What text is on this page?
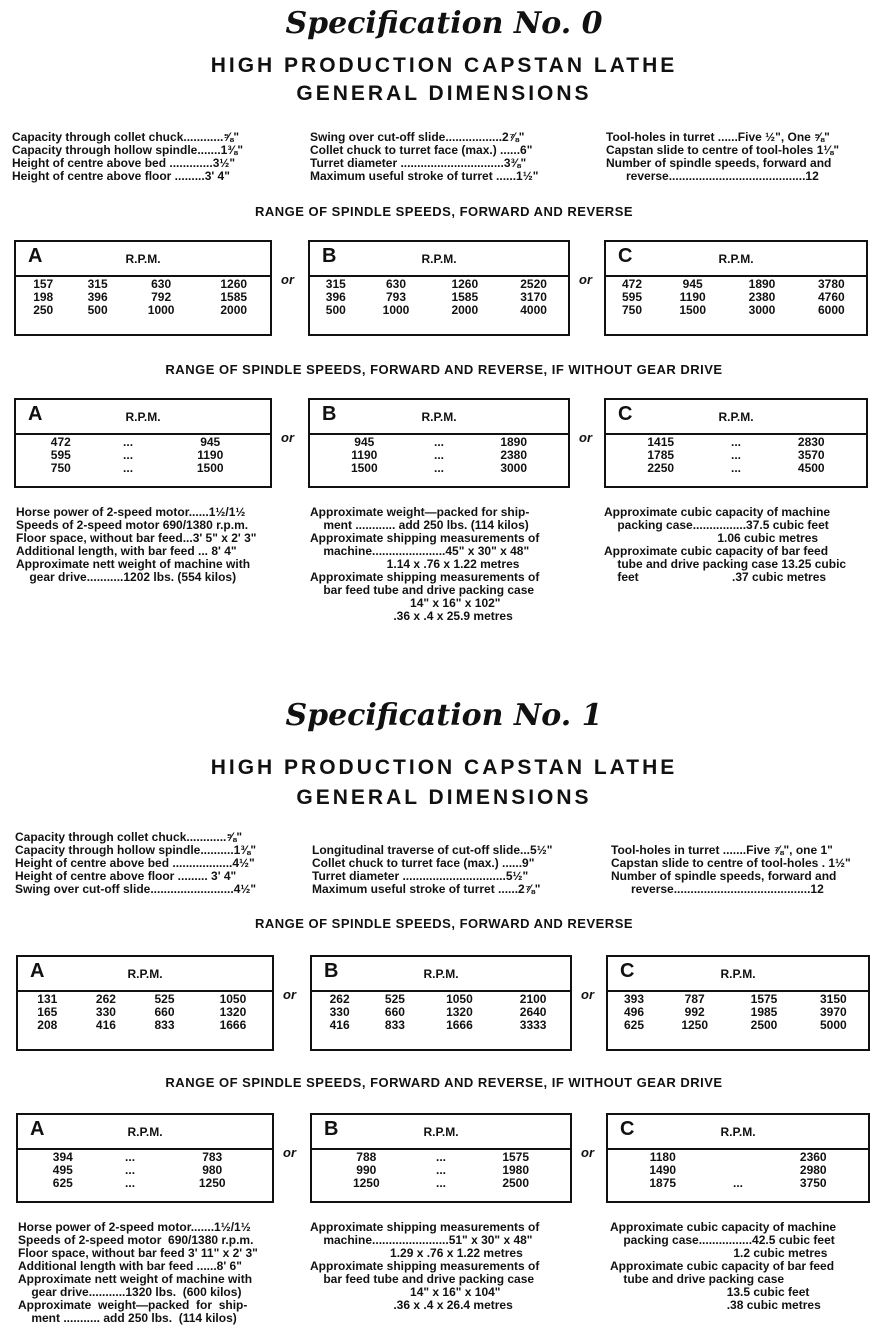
Specification No. 0
HIGH PRODUCTION CAPSTAN LATHE
GENERAL DIMENSIONS
Capacity through collet chuck............⅝"
Capacity through hollow spindle.......1⅜"
Height of centre above bed .............3½"
Height of centre above floor .........3' 4"
Swing over cut-off slide.................2⅞"
Collet chuck to turret face (max.) ......6"
Turret diameter ...............................3⅜"
Maximum useful stroke of turret ......1½"
Tool-holes in turret ......Five ½", One ⅝"
Capstan slide to centre of tool-holes 1⅛"
Number of spindle speeds, forward and
reverse.........................................12
RANGE OF SPINDLE SPEEDS, FORWARD AND REVERSE
RANGE OF SPINDLE SPEEDS, FORWARD AND REVERSE, IF WITHOUT GEAR DRIVE
A	R.P.M.
157	315	630	1260
198	396	792	1585
250	500	1000	2000
or
B	R.P.M.
315	630	1260	2520
396	793	1585	3170
500	1000	2000	4000
or
C	R.P.M.
472	945	1890	3780
595	1190	2380	4760
750	1500	3000	6000
A	R.P.M.
472	...	945
595	...	1190
750	...	1500
or
B	R.P.M.
945	...	1890
1190	...	2380
1500	...	3000
or
C	R.P.M.
1415	...	2830
1785	...	3570
2250	...	4500
Horse power of 2-speed motor......1½/1½
Speeds of 2-speed motor 690/1380 r.p.m.
Floor space, without bar feed...3' 5" x 2' 3"
Additional length, with bar feed ... 8' 4"
Approximate nett weight of machine with
gear drive...........1202 lbs. (554 kilos)
Approximate weight—packed for ship-
ment ............ add 250 lbs. (114 kilos)
Approximate shipping measurements of
machine......................45" x 30" x 48"
1.14 x .76 x 1.22 metres
Approximate shipping measurements of
bar feed tube and drive packing case
14" x 16" x 102"
.36 x .4 x 25.9 metres
Approximate cubic capacity of machine
packing case................37.5 cubic feet
1.06 cubic metres
Approximate cubic capacity of bar feed
tube and drive packing case 13.25 cubic
feet                            .37 cubic metres
Specification No. 1
HIGH PRODUCTION CAPSTAN LATHE
GENERAL DIMENSIONS
Capacity through collet chuck............⅝"
Capacity through hollow spindle..........1⅜"
Height of centre above bed ..................4½"
Height of centre above floor ......... 3' 4"
Swing over cut-off slide.........................4½"

Longitudinal traverse of cut-off slide...5½"
Collet chuck to turret face (max.) ......9"
Turret diameter ...............................5½"
Maximum useful stroke of turret ......2⅞"

Tool-holes in turret .......Five ⅞", one 1"
Capstan slide to centre of tool-holes . 1½"
Number of spindle speeds, forward and
reverse.........................................12
RANGE OF SPINDLE SPEEDS, FORWARD AND REVERSE
RANGE OF SPINDLE SPEEDS, FORWARD AND REVERSE, IF WITHOUT GEAR DRIVE
A	R.P.M.
131	262	525	1050
165	330	660	1320
208	416	833	1666
or
B	R.P.M.
262	525	1050	2100
330	660	1320	2640
416	833	1666	3333
or
C	R.P.M.
393	787	1575	3150
496	992	1985	3970
625	1250	2500	5000
A	R.P.M.
394	...	783
495	...	980
625	...	1250
or
B	R.P.M.
788	...	1575
990	...	1980
1250	...	2500
or
C	R.P.M.
1180		2360
1490		2980
1875	...	3750
Horse power of 2-speed motor.......1½/1½
Speeds of 2-speed motor  690/1380 r.p.m.
Floor space, without bar feed 3' 11" x 2' 3"
Additional length with bar feed ......8' 6"
Approximate nett weight of machine with
gear drive...........1320 lbs.  (600 kilos)
Approximate  weight—packed  for  ship-
ment ........... add 250 lbs.  (114 kilos)
Approximate shipping measurements of
machine.......................51" x 30" x 48"
1.29 x .76 x 1.22 metres
Approximate shipping measurements of
bar feed tube and drive packing case
14" x 16" x 104"
.36 x .4 x 26.4 metres
Approximate cubic capacity of machine
packing case................42.5 cubic feet
1.2 cubic metres
Approximate cubic capacity of bar feed
tube and drive packing case
13.5 cubic feet
.38 cubic metres
